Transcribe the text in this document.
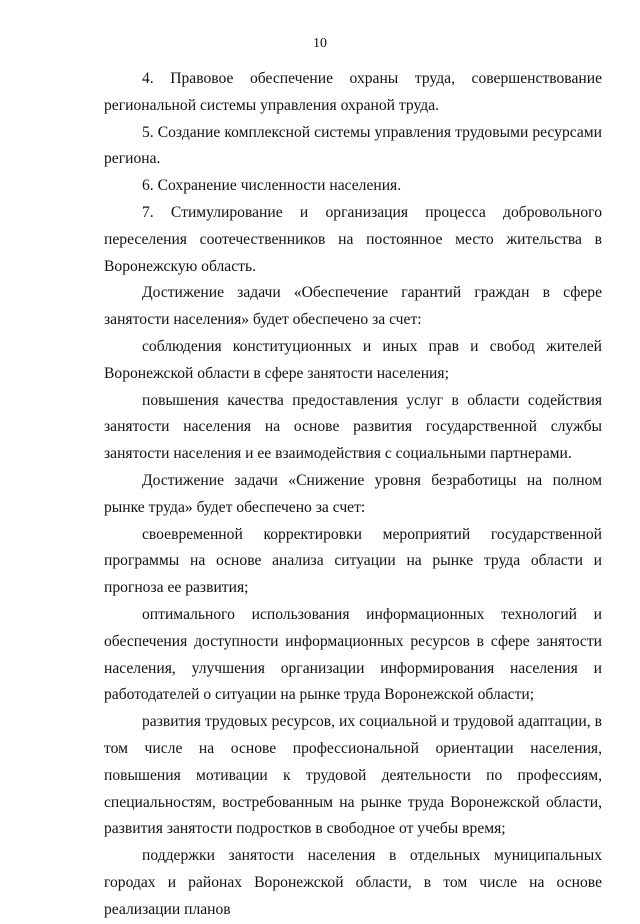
10

4. Правовое обеспечение охраны труда, совершенствование региональной системы управления охраной труда.

5. Создание комплексной системы управления трудовыми ресурсами региона.

6. Сохранение численности населения.

7. Стимулирование и организация процесса добровольного переселения соотечественников на постоянное место жительства в Воронежскую область.

Достижение задачи «Обеспечение гарантий граждан в сфере занятости населения» будет обеспечено за счет:

соблюдения конституционных и иных прав и свобод жителей Воронежской области в сфере занятости населения;

повышения качества предоставления услуг в области содействия занятости населения на основе развития государственной службы занятости населения и ее взаимодействия с социальными партнерами.

Достижение задачи «Снижение уровня безработицы на полном рынке труда» будет обеспечено за счет:

своевременной корректировки мероприятий государственной программы на основе анализа ситуации на рынке труда области и прогноза ее развития;

оптимального использования информационных технологий и обеспечения доступности информационных ресурсов в сфере занятости населения, улучшения организации информирования населения и работодателей о ситуации на рынке труда Воронежской области;

развития трудовых ресурсов, их социальной и трудовой адаптации, в том числе на основе профессиональной ориентации населения, повышения мотивации к трудовой деятельности по профессиям, специальностям, востребованным на рынке труда Воронежской области, развития занятости подростков в свободное от учебы время;

поддержки занятости населения в отдельных муниципальных городах и районах Воронежской области, в том числе на основе реализации планов
